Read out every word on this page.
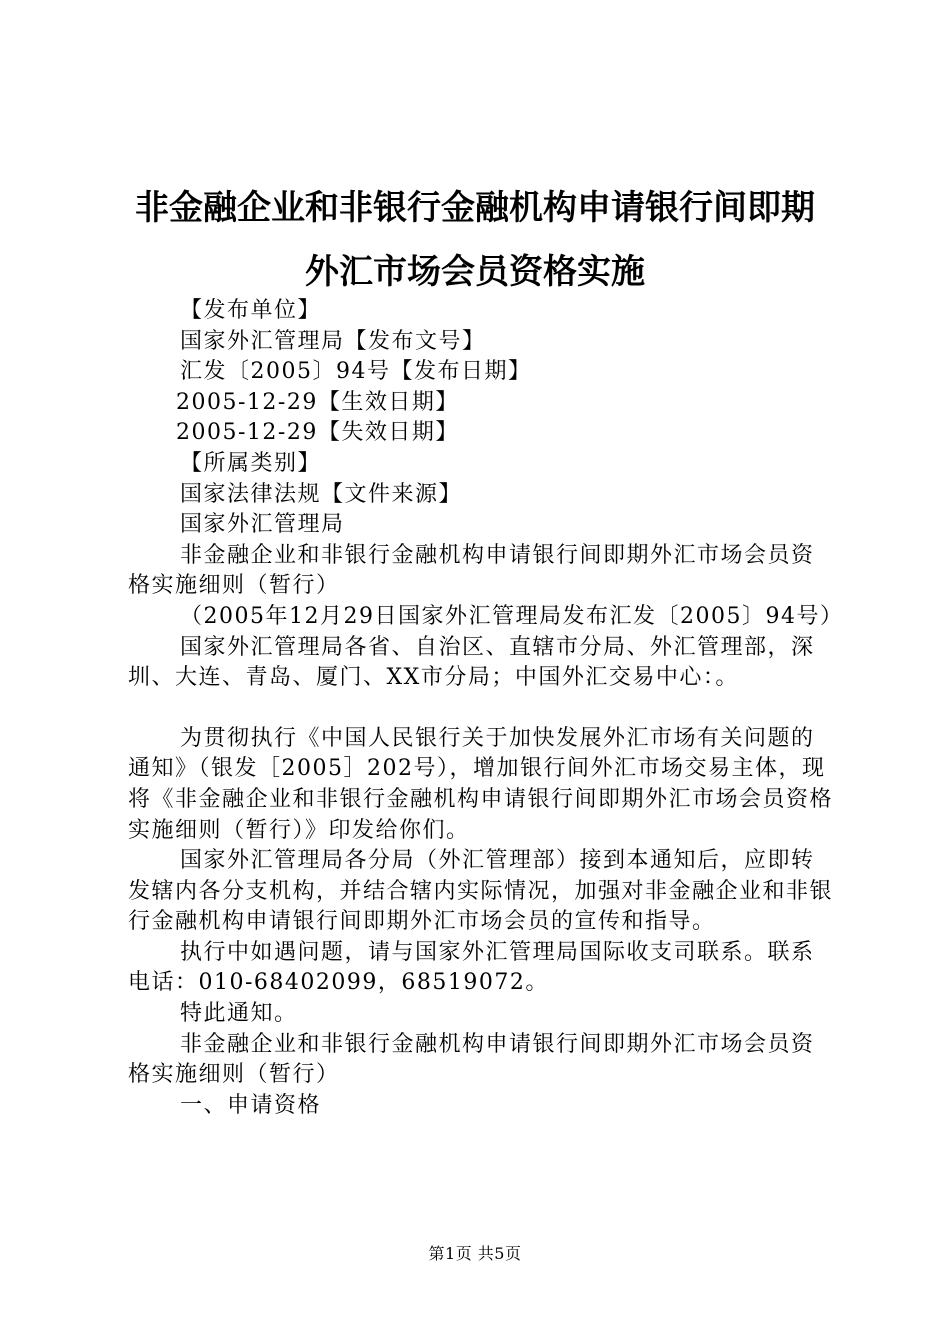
非金融企业和非银行金融机构申请银行间即期
外汇市场会员资格实施

【发布单位】

国家外汇管理局【发布文号】

汇发〔2005〕94号【发布日期】

2005-12-29【生效日期】

2005-12-29【失效日期】

【所属类别】

国家法律法规【文件来源】

国家外汇管理局

非金融企业和非银行金融机构申请银行间即期外汇市场会员资格实施细则（暂行）

（2005年12月29日国家外汇管理局发布汇发〔2005〕94号）

国家外汇管理局各省、自治区、直辖市分局、外汇管理部，深圳、大连、青岛、厦门、XX市分局；中国外汇交易中心：。

为贯彻执行《中国人民银行关于加快发展外汇市场有关问题的通知》（银发［2005］202号），增加银行间外汇市场交易主体，现将《非金融企业和非银行金融机构申请银行间即期外汇市场会员资格实施细则（暂行）》印发给你们。

国家外汇管理局各分局（外汇管理部）接到本通知后，应即转发辖内各分支机构，并结合辖内实际情况，加强对非金融企业和非银行金融机构申请银行间即期外汇市场会员的宣传和指导。

执行中如遇问题，请与国家外汇管理局国际收支司联系。联系电话：010-68402099，68519072。

特此通知。

非金融企业和非银行金融机构申请银行间即期外汇市场会员资格实施细则（暂行）

一、申请资格

第1页 共5页
